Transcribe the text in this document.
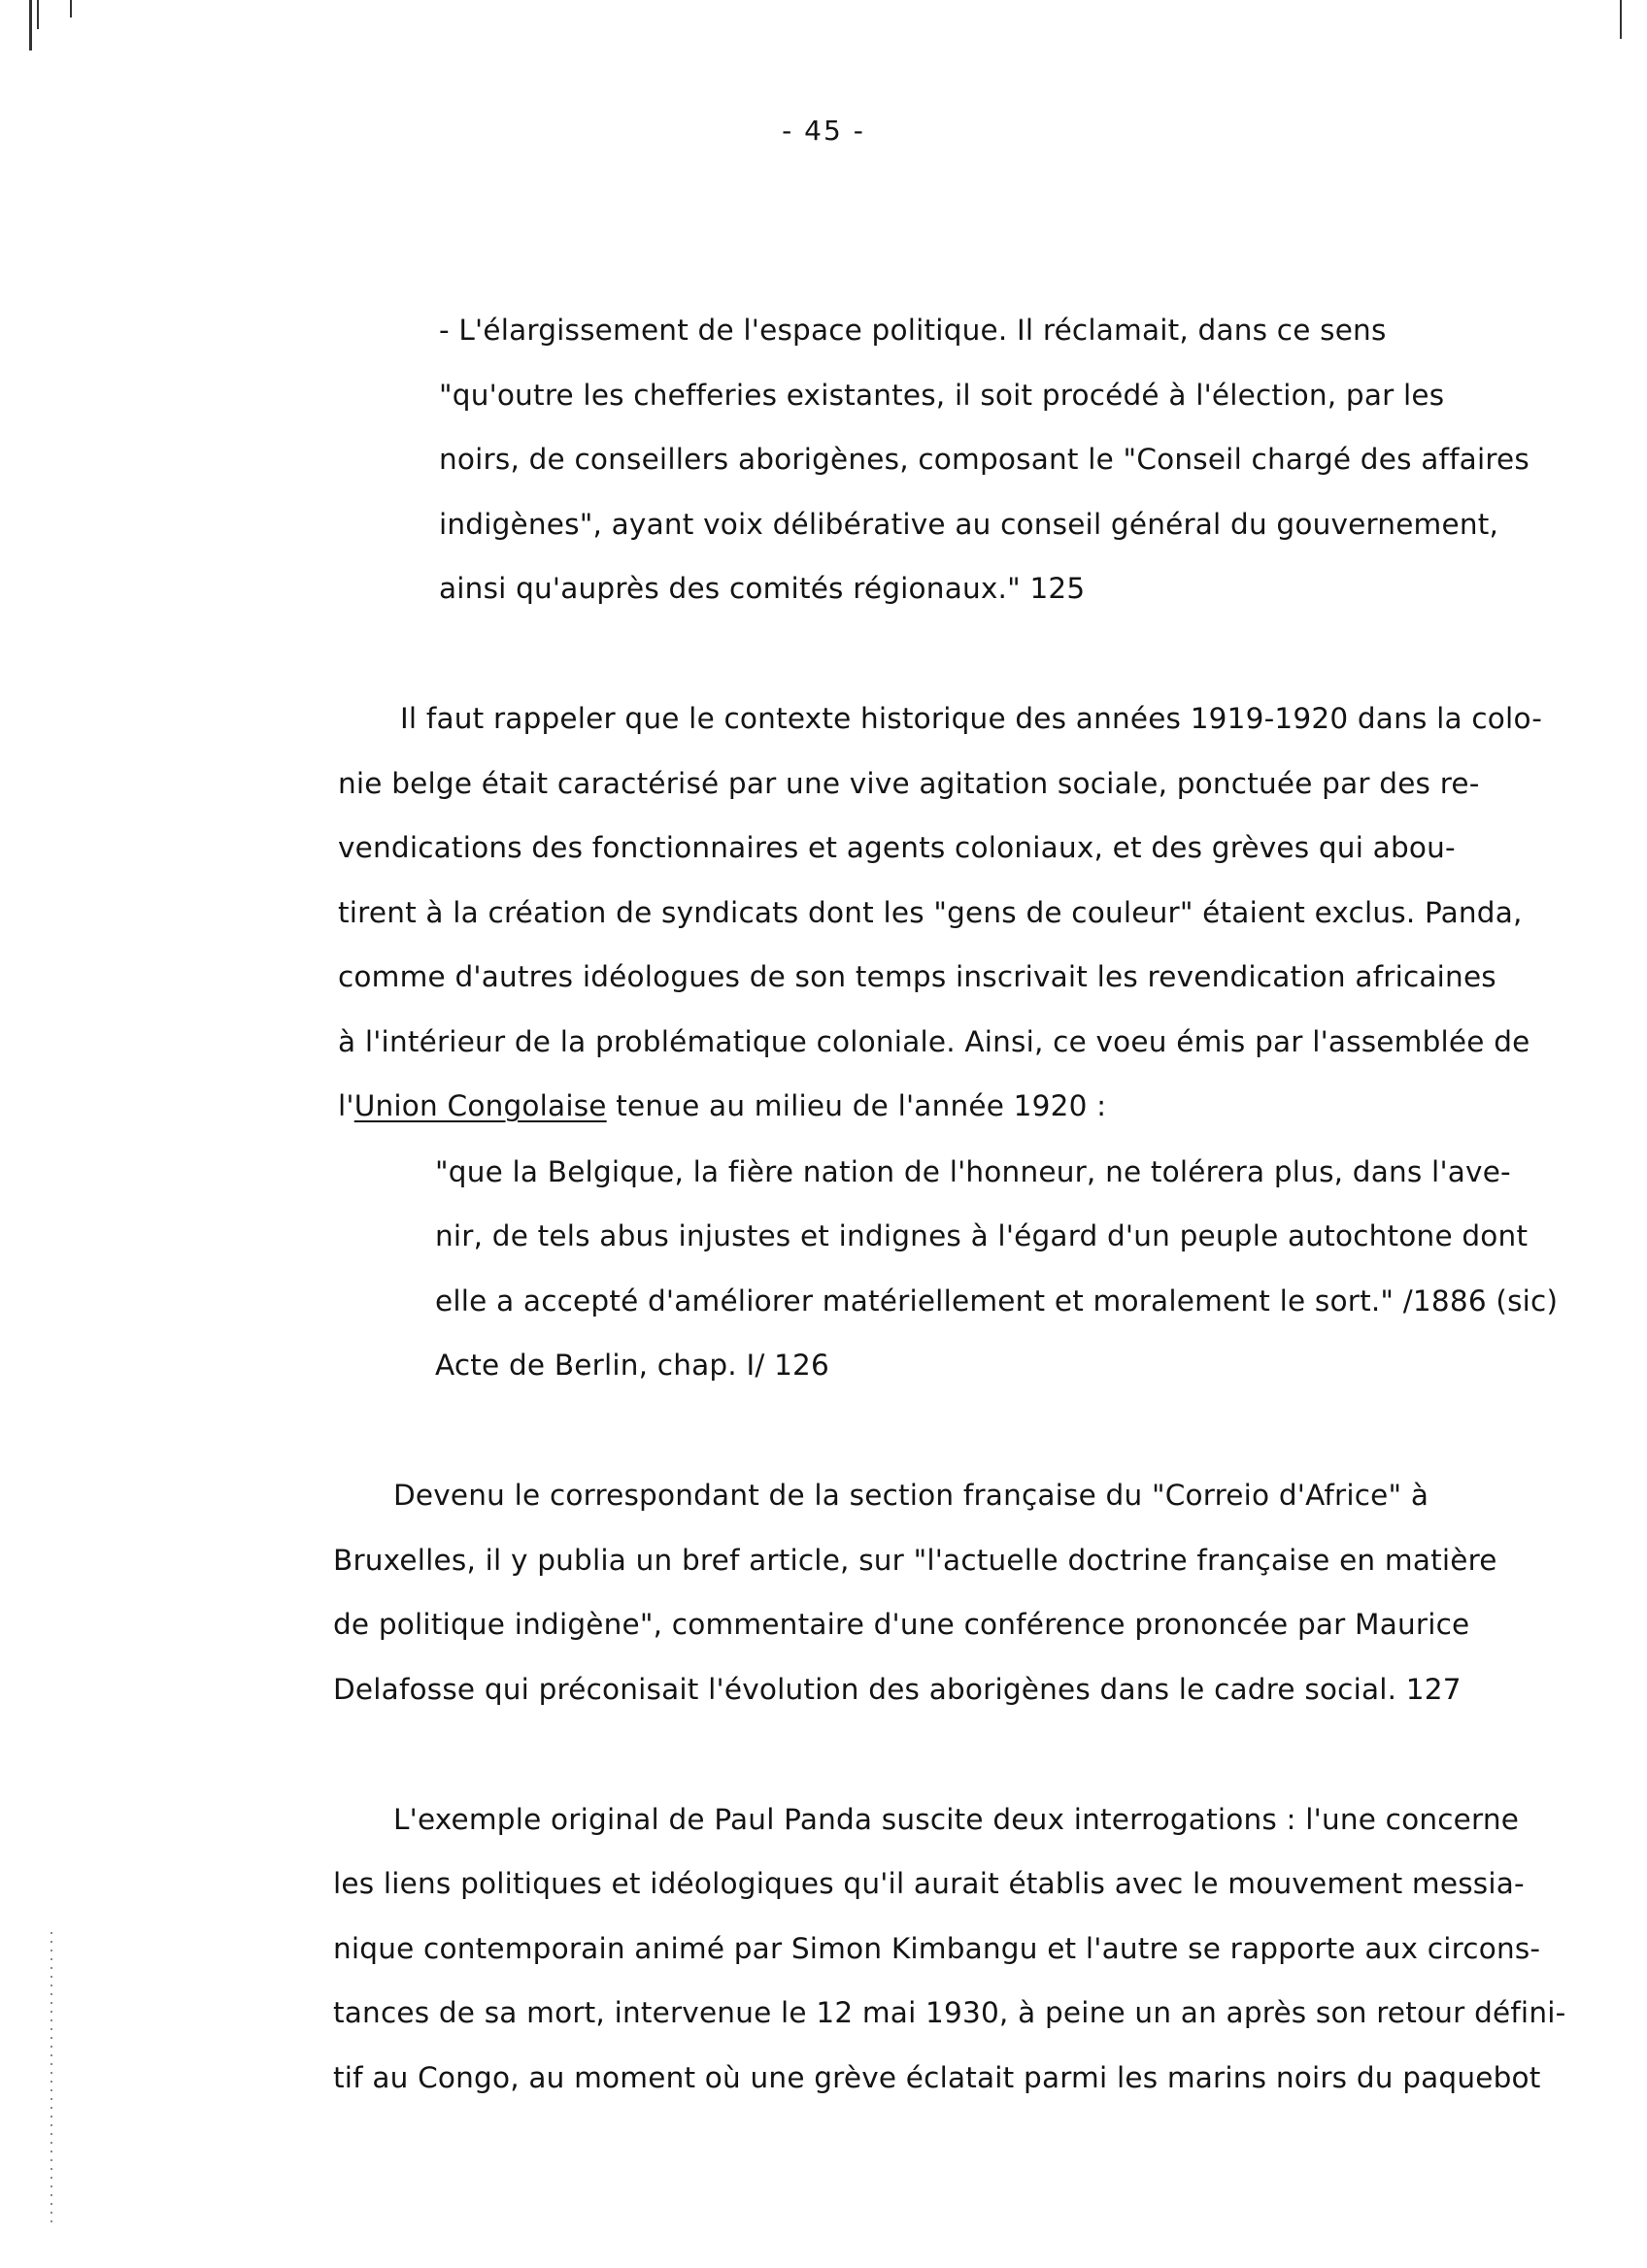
- 45 -
- L'élargissement de l'espace politique. Il réclamait, dans ce sens
"qu'outre les chefferies existantes, il soit procédé à l'élection, par les
noirs, de conseillers aborigènes, composant le "Conseil chargé des affaires
indigènes", ayant voix délibérative au conseil général du gouvernement,
ainsi qu'auprès des comités régionaux." 125
Il faut rappeler que le contexte historique des années 1919-1920 dans la colo-
nie belge était caractérisé par une vive agitation sociale, ponctuée par des re-
vendications des fonctionnaires et agents coloniaux, et des grèves qui abou-
tirent à la création de syndicats dont les "gens de couleur" étaient exclus. Panda,
comme d'autres idéologues de son temps inscrivait les revendication africaines
à l'intérieur de la problématique coloniale. Ainsi, ce voeu émis par l'assemblée de
l'Union Congolaise tenue au milieu de l'année 1920 :
"que la Belgique, la fière nation de l'honneur, ne tolérera plus, dans l'ave-
nir, de tels abus injustes et indignes à l'égard d'un peuple autochtone dont
elle a accepté d'améliorer matériellement et moralement le sort." /1886 (sic)
Acte de Berlin, chap. I/ 126
Devenu le correspondant de la section française du "Correio d'Africe" à
Bruxelles, il y publia un bref article, sur "l'actuelle doctrine française en matière
de politique indigène", commentaire d'une conférence prononcée par Maurice
Delafosse qui préconisait l'évolution des aborigènes dans le cadre social. 127
L'exemple original de Paul Panda suscite deux interrogations : l'une concerne
les liens politiques et idéologiques qu'il aurait établis avec le mouvement messia-
nique contemporain animé par Simon Kimbangu et l'autre se rapporte aux circons-
tances de sa mort, intervenue le 12 mai 1930, à peine un an après son retour défini-
tif au Congo, au moment où une grève éclatait parmi les marins noirs du paquebot
